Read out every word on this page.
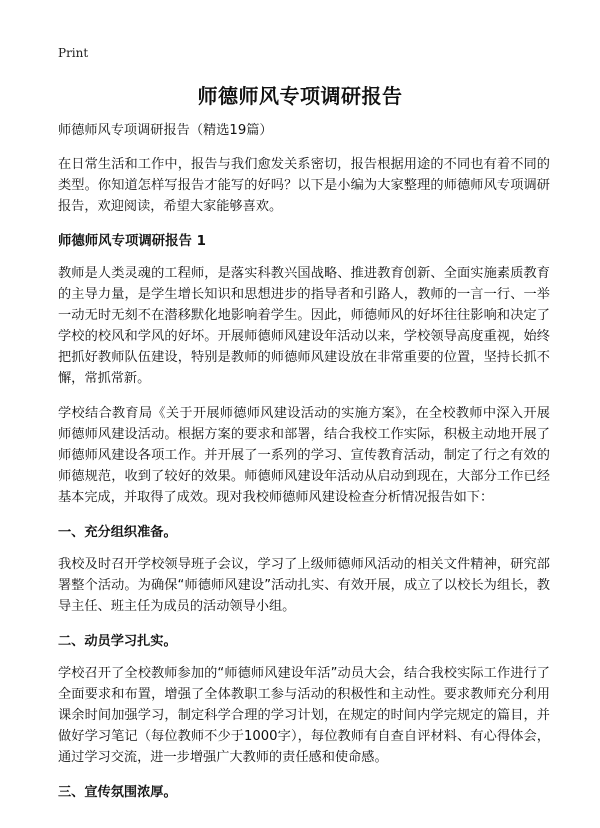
Print
师德师风专项调研报告

师德师风专项调研报告（精选19篇）

在日常生活和工作中，报告与我们愈发关系密切，报告根据用途的不同也有着不同的类型。你知道怎样写报告才能写的好吗？以下是小编为大家整理的师德师风专项调研报告，欢迎阅读，希望大家能够喜欢。

师德师风专项调研报告 1

教师是人类灵魂的工程师，是落实科教兴国战略、推进教育创新、全面实施素质教育的主导力量，是学生增长知识和思想进步的指导者和引路人，教师的一言一行、一举一动无时无刻不在潜移默化地影响着学生。因此，师德师风的好坏往往影响和决定了学校的校风和学风的好坏。开展师德师风建设年活动以来，学校领导高度重视，始终把抓好教师队伍建设，特别是教师的师德师风建设放在非常重要的位置，坚持长抓不懈，常抓常新。

学校结合教育局《关于开展师德师风建设活动的实施方案》，在全校教师中深入开展师德师风建设活动。根据方案的要求和部署，结合我校工作实际，积极主动地开展了师德师风建设各项工作。并开展了一系列的学习、宣传教育活动，制定了行之有效的师德规范，收到了较好的效果。师德师风建设年活动从启动到现在，大部分工作已经基本完成，并取得了成效。现对我校师德师风建设检查分析情况报告如下：

一、充分组织准备。

我校及时召开学校领导班子会议，学习了上级师德师风活动的相关文件精神，研究部署整个活动。为确保“师德师风建设”活动扎实、有效开展，成立了以校长为组长，教导主任、班主任为成员的活动领导小组。

二、动员学习扎实。

学校召开了全校教师参加的“师德师风建设年活”动员大会，结合我校实际工作进行了全面要求和布置，增强了全体教职工参与活动的积极性和主动性。要求教师充分利用课余时间加强学习，制定科学合理的学习计划，在规定的时间内学完规定的篇目，并做好学习笔记（每位教师不少于1000字），每位教师有自查自评材料、有心得体会，通过学习交流，进一步增强广大教师的责任感和使命感。

三、宣传氛围浓厚。
